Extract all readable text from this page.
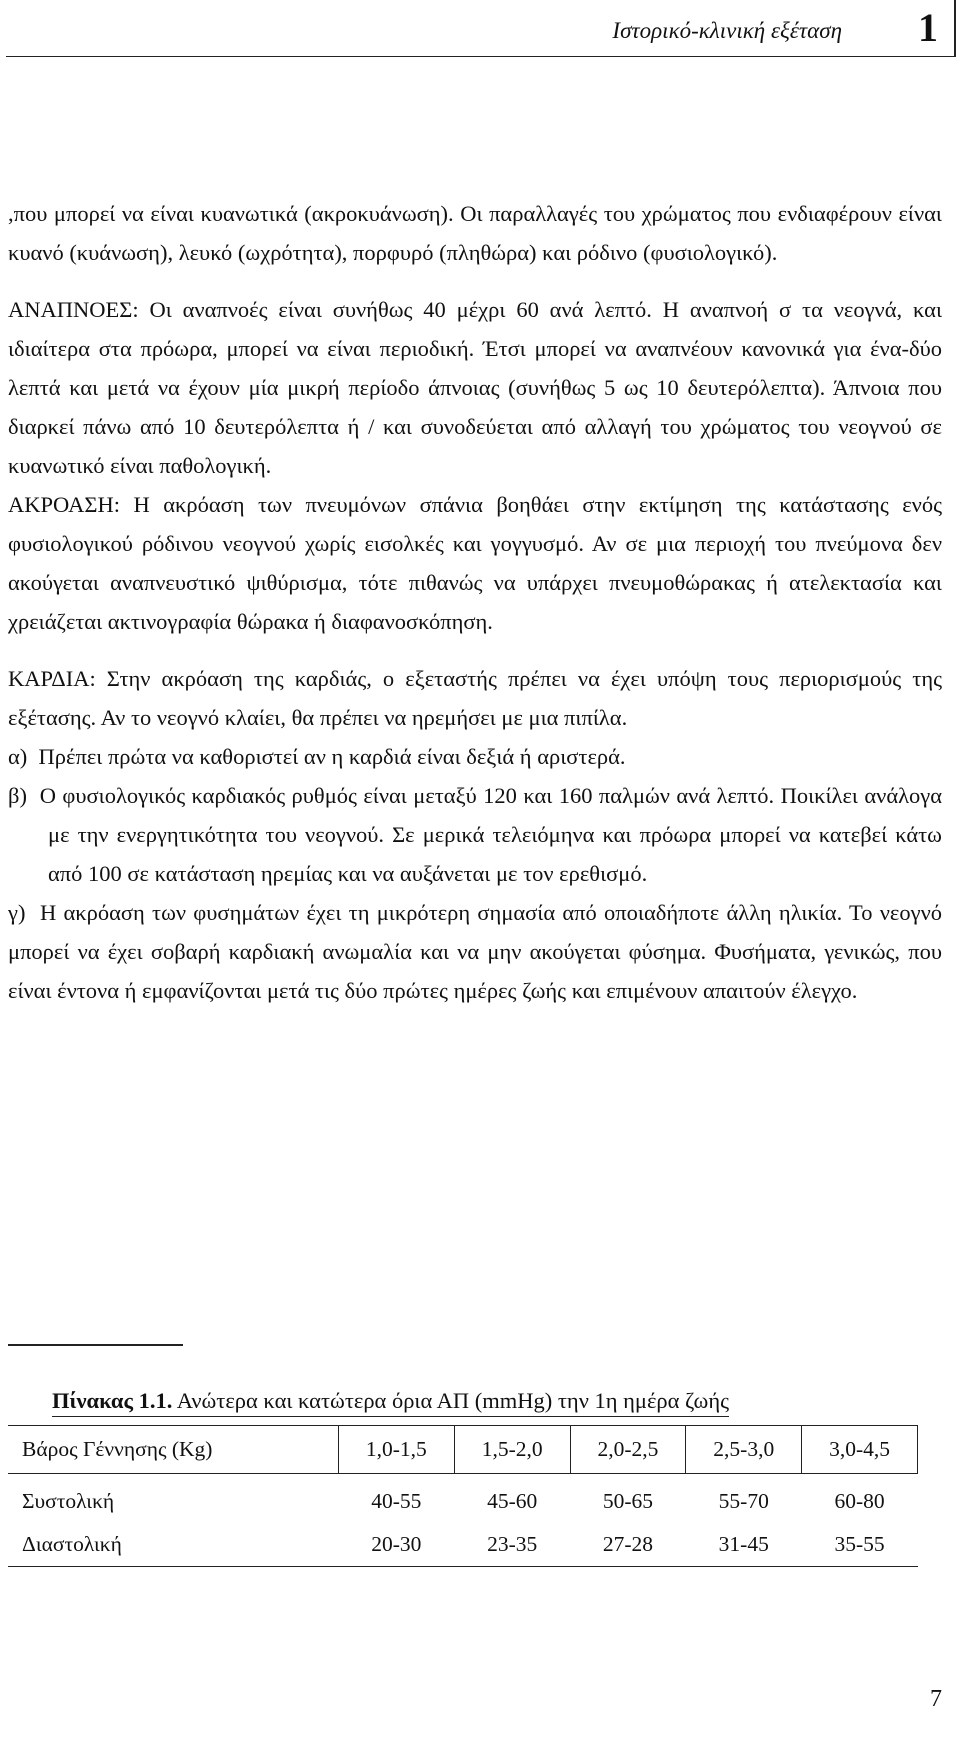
Ιστορικό-κλινική εξέταση 1

,που μπορεί να είναι κυανωτικά (ακροκυάνωση). Οι παραλλαγές του χρώματος που ενδιαφέρουν είναι κυανό (κυάνωση), λευκό (ωχρότητα), πορφυρό (πληθώρα) και ρόδινο (φυσιολογικό).

ΑΝΑΠΝΟΕΣ: Οι αναπνοές είναι συνήθως 40 μέχρι 60 ανά λεπτό. Η αναπνοή σ τα νεογνά, και ιδιαίτερα στα πρόωρα, μπορεί να είναι περιοδική. Έτσι μπορεί να αναπνέουν κανονικά για ένα-δύο λεπτά και μετά να έχουν μία μικρή περίοδο άπνοιας (συνήθως 5 ως 10 δευτερόλεπτα). Άπνοια που διαρκεί πάνω από 10 δευτερόλεπτα ή / και συνοδεύεται από αλλαγή του χρώματος του νεογνού σε κυανωτικό είναι παθολογική.

ΑΚΡΟΑΣΗ: Η ακρόαση των πνευμόνων σπάνια βοηθάει στην εκτίμηση της κατάστασης ενός φυσιολογικού ρόδινου νεογνού χωρίς εισολκές και γογγυσμό. Αν σε μια περιοχή του πνεύμονα δεν ακούγεται αναπνευστικό ψιθύρισμα, τότε πιθανώς να υπάρχει πνευμοθώρακας ή ατελεκτασία και χρειάζεται ακτινογραφία θώρακα ή διαφανοσκόπηση.

ΚΑΡΔΙΑ: Στην ακρόαση της καρδιάς, ο εξεταστής πρέπει να έχει υπόψη τους περιορισμούς της εξέτασης. Αν το νεογνό κλαίει, θα πρέπει να ηρεμήσει με μια πιπίλα.

α)  Πρέπει πρώτα να καθοριστεί αν η καρδιά είναι δεξιά ή αριστερά.

β)  Ο φυσιολογικός καρδιακός ρυθμός είναι μεταξύ 120 και 160 παλμών ανά λεπτό. Ποικίλει ανάλογα με την ενεργητικότητα του νεογνού. Σε μερικά τελειόμηνα και πρόωρα μπορεί να κατεβεί κάτω από 100 σε κατάσταση ηρεμίας και να αυξάνεται με τον ερεθισμό.

γ)  Η ακρόαση των φυσημάτων έχει τη μικρότερη σημασία από οποιαδήποτε άλλη ηλικία. Το νεογνό μπορεί να έχει σοβαρή καρδιακή ανωμαλία και να μην ακούγεται φύσημα. Φυσήματα, γενικώς, που είναι έντονα ή εμφανίζονται μετά τις δύο πρώτες ημέρες ζωής και επιμένουν απαιτούν έλεγχο.

Πίνακας 1.1. Ανώτερα και κατώτερα όρια ΑΠ (mmHg) την 1η ημέρα ζωής
Βάρος Γέννησης (Kg)	1,0-1,5	1,5-2,0	2,0-2,5	2,5-3,0	3,0-4,5
Συστολική	40-55	45-60	50-65	55-70	60-80
Διαστολική	20-30	23-35	27-28	31-45	35-55
7
